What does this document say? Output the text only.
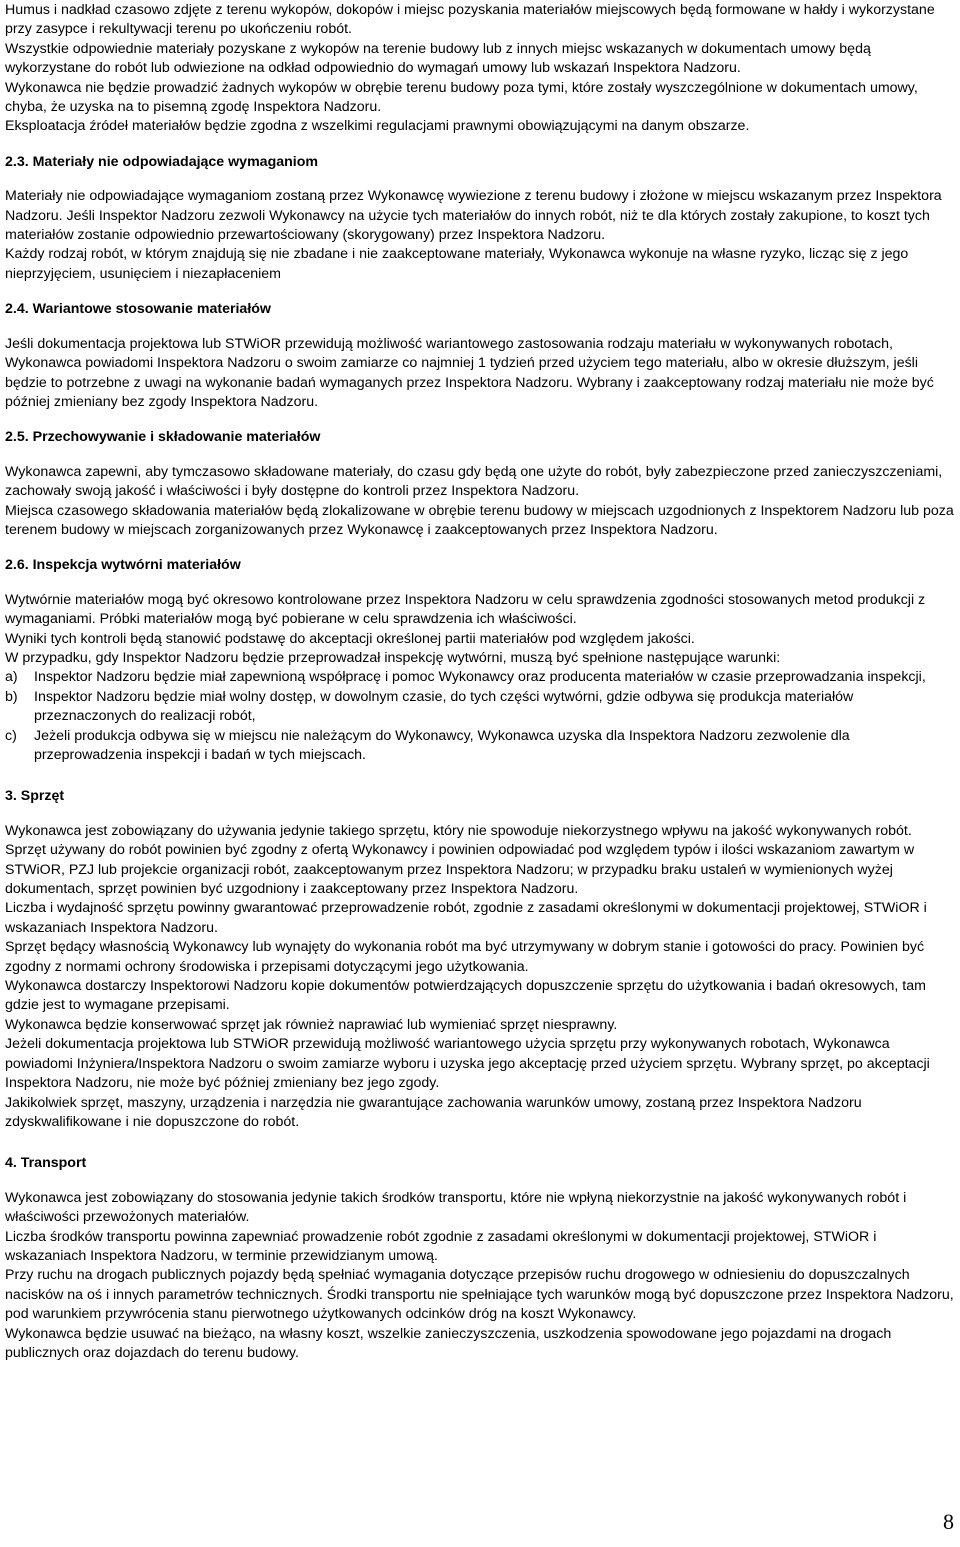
Humus i nadkład czasowo zdjęte z terenu wykopów, dokopów i miejsc pozyskania materiałów miejscowych będą formowane w hałdy i wykorzystane przy zasypce i rekultywacji terenu po ukończeniu robót.

Wszystkie odpowiednie materiały pozyskane z wykopów na terenie budowy lub z innych miejsc wskazanych w dokumentach umowy będą wykorzystane do robót lub odwiezione na odkład odpowiednio do wymagań umowy lub wskazań Inspektora Nadzoru.

Wykonawca nie będzie prowadzić żadnych wykopów w obrębie terenu budowy poza tymi, które zostały wyszczególnione w dokumentach umowy, chyba, że uzyska na to pisemną zgodę Inspektora Nadzoru.

Eksploatacja źródeł materiałów będzie zgodna z wszelkimi regulacjami prawnymi obowiązującymi na danym obszarze.

2.3. Materiały nie odpowiadające wymaganiom

Materiały nie odpowiadające wymaganiom zostaną przez Wykonawcę wywiezione z terenu budowy i złożone w miejscu wskazanym przez Inspektora Nadzoru. Jeśli Inspektor Nadzoru zezwoli Wykonawcy na użycie tych materiałów do innych robót, niż te dla których zostały zakupione, to koszt tych materiałów zostanie odpowiednio przewartościowany (skorygowany) przez Inspektora Nadzoru.

Każdy rodzaj robót, w którym znajdują się nie zbadane i nie zaakceptowane materiały, Wykonawca wykonuje na własne ryzyko, licząc się z jego nieprzyjęciem, usunięciem i niezapłaceniem

2.4. Wariantowe stosowanie materiałów

Jeśli dokumentacja projektowa lub STWiOR przewidują możliwość wariantowego zastosowania rodzaju materiału w wykonywanych robotach, Wykonawca powiadomi Inspektora Nadzoru o swoim zamiarze co najmniej 1 tydzień przed użyciem tego materiału, albo w okresie dłuższym, jeśli będzie to potrzebne z uwagi na wykonanie badań wymaganych przez Inspektora Nadzoru. Wybrany i zaakceptowany rodzaj materiału nie może być później zmieniany bez zgody Inspektora Nadzoru.

2.5. Przechowywanie i składowanie materiałów

Wykonawca zapewni, aby tymczasowo składowane materiały, do czasu gdy będą one użyte do robót, były zabezpieczone przed zanieczyszczeniami, zachowały swoją jakość i właściwości i były dostępne do kontroli przez Inspektora Nadzoru.

Miejsca czasowego składowania materiałów będą zlokalizowane w obrębie terenu budowy w miejscach uzgodnionych z Inspektorem Nadzoru lub poza terenem budowy w miejscach zorganizowanych przez Wykonawcę i zaakceptowanych przez Inspektora Nadzoru.

2.6. Inspekcja wytwórni materiałów

Wytwórnie materiałów mogą być okresowo kontrolowane przez Inspektora Nadzoru w celu sprawdzenia zgodności stosowanych metod produkcji z wymaganiami. Próbki materiałów mogą być pobierane w celu sprawdzenia ich właściwości.

Wyniki tych kontroli będą stanowić podstawę do akceptacji określonej partii materiałów pod względem jakości.

W przypadku, gdy Inspektor Nadzoru będzie przeprowadzał inspekcję wytwórni, muszą być spełnione następujące warunki:

a)	Inspektor Nadzoru będzie miał zapewnioną współpracę i pomoc Wykonawcy oraz producenta materiałów w czasie przeprowadzania inspekcji,
b)	Inspektor Nadzoru będzie miał wolny dostęp, w dowolnym czasie, do tych części wytwórni, gdzie odbywa się produkcja materiałów przeznaczonych do realizacji robót,
c)	Jeżeli produkcja odbywa się w miejscu nie należącym do Wykonawcy, Wykonawca uzyska dla Inspektora Nadzoru zezwolenie dla przeprowadzenia inspekcji i badań w tych miejscach.

3. Sprzęt

Wykonawca jest zobowiązany do używania jedynie takiego sprzętu, który nie spowoduje niekorzystnego wpływu na jakość wykonywanych robót. Sprzęt używany do robót powinien być zgodny z ofertą Wykonawcy i powinien odpowiadać pod względem typów i ilości wskazaniom zawartym w STWiOR, PZJ lub projekcie organizacji robót, zaakceptowanym przez Inspektora Nadzoru; w przypadku braku ustaleń w wymienionych wyżej dokumentach, sprzęt powinien być uzgodniony i zaakceptowany przez Inspektora Nadzoru.

Liczba i wydajność sprzętu powinny gwarantować przeprowadzenie robót, zgodnie z zasadami określonymi w dokumentacji projektowej, STWiOR i wskazaniach Inspektora Nadzoru.

Sprzęt będący własnością Wykonawcy lub wynajęty do wykonania robót ma być utrzymywany w dobrym stanie i gotowości do pracy. Powinien być zgodny z normami ochrony środowiska i przepisami dotyczącymi jego użytkowania.

Wykonawca dostarczy Inspektorowi Nadzoru kopie dokumentów potwierdzających dopuszczenie sprzętu do użytkowania i badań okresowych, tam gdzie jest to wymagane przepisami.

Wykonawca będzie konserwować sprzęt jak również naprawiać lub wymieniać sprzęt niesprawny.

Jeżeli dokumentacja projektowa lub STWiOR przewidują możliwość wariantowego użycia sprzętu przy wykonywanych robotach, Wykonawca powiadomi Inżyniera/Inspektora Nadzoru o swoim zamiarze wyboru i uzyska jego akceptację przed użyciem sprzętu. Wybrany sprzęt, po akceptacji Inspektora Nadzoru, nie może być później zmieniany bez jego zgody.

Jakikolwiek sprzęt, maszyny, urządzenia i narzędzia nie gwarantujące zachowania warunków umowy, zostaną przez Inspektora Nadzoru zdyskwalifikowane i nie dopuszczone do robót.

4. Transport

Wykonawca jest zobowiązany do stosowania jedynie takich środków transportu, które nie wpłyną niekorzystnie na jakość wykonywanych robót i właściwości przewożonych materiałów.

Liczba środków transportu powinna zapewniać prowadzenie robót zgodnie z zasadami określonymi w dokumentacji projektowej, STWiOR i wskazaniach Inspektora Nadzoru, w terminie przewidzianym umową.

Przy ruchu na drogach publicznych pojazdy będą spełniać wymagania dotyczące przepisów ruchu drogowego w odniesieniu do dopuszczalnych nacisków na oś i innych parametrów technicznych. Środki transportu nie spełniające tych warunków mogą być dopuszczone przez Inspektora Nadzoru, pod warunkiem przywrócenia stanu pierwotnego użytkowanych odcinków dróg na koszt Wykonawcy.

Wykonawca będzie usuwać na bieżąco, na własny koszt, wszelkie zanieczyszczenia, uszkodzenia spowodowane jego pojazdami na drogach publicznych oraz dojazdach do terenu budowy.

8
